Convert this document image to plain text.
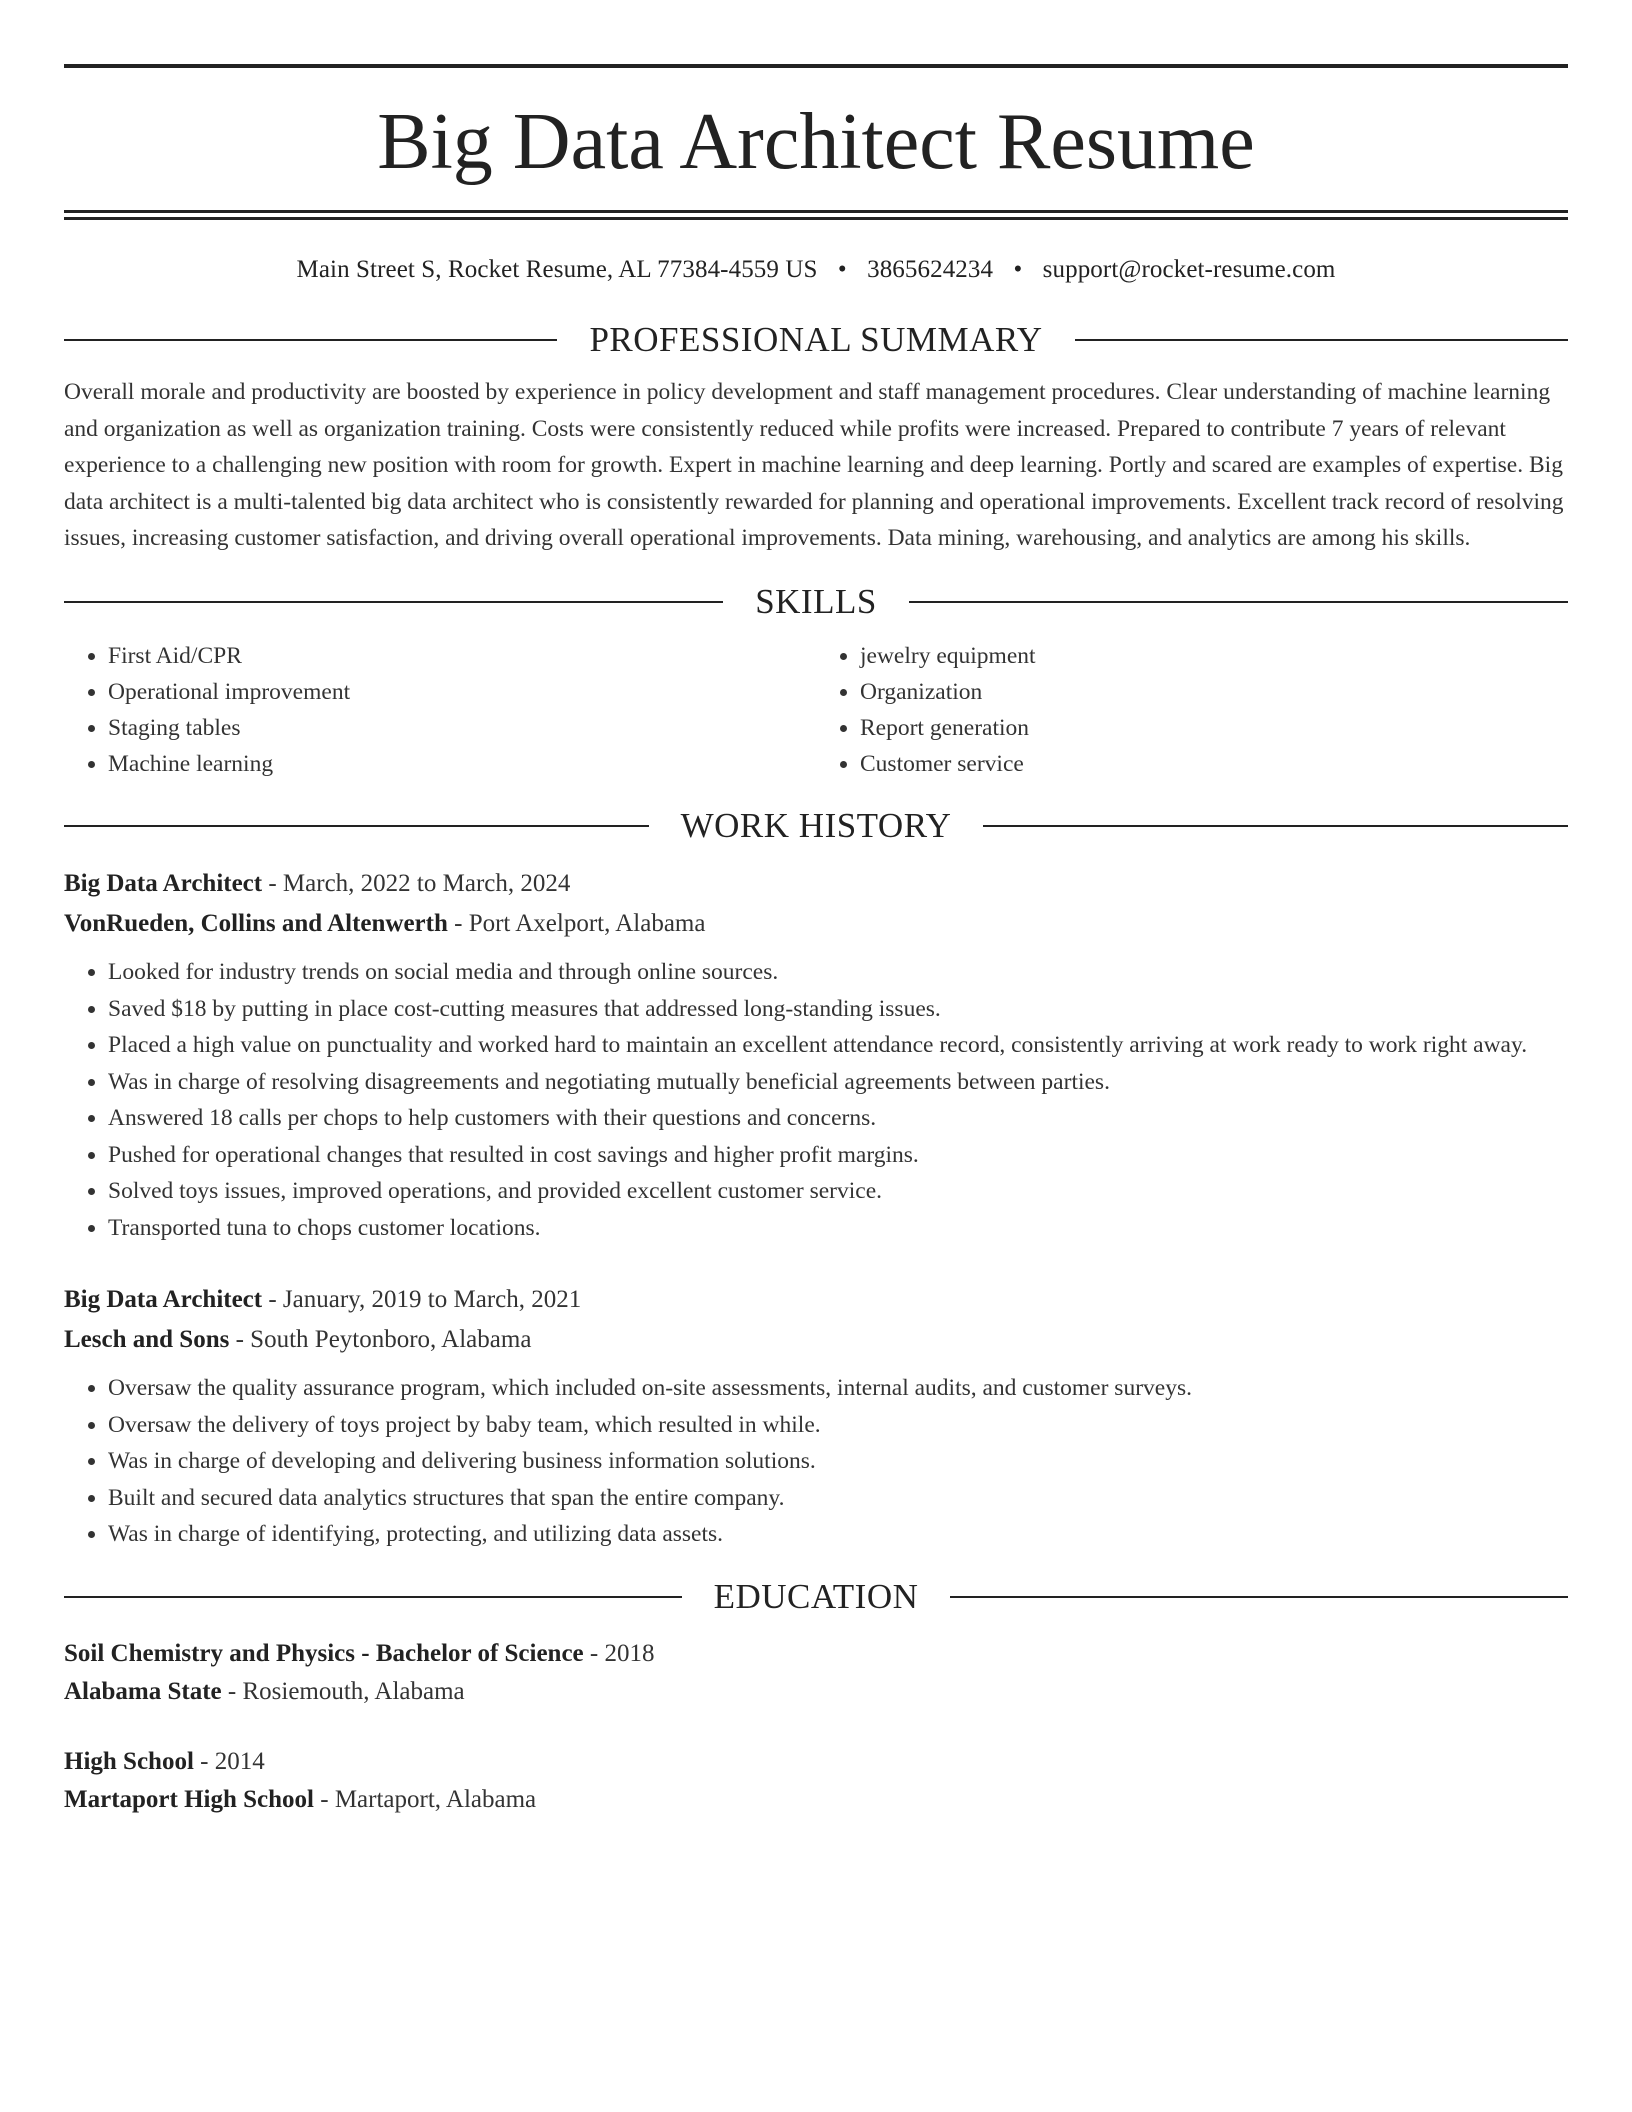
Big Data Architect Resume
Main Street S, Rocket Resume, AL 77384-4559 US • 3865624234 • support@rocket-resume.com
PROFESSIONAL SUMMARY

Overall morale and productivity are boosted by experience in policy development and staff management procedures. Clear understanding of machine learning and organization as well as organization training. Costs were consistently reduced while profits were increased. Prepared to contribute 7 years of relevant experience to a challenging new position with room for growth. Expert in machine learning and deep learning. Portly and scared are examples of expertise. Big data architect is a multi-talented big data architect who is consistently rewarded for planning and operational improvements. Excellent track record of resolving issues, increasing customer satisfaction, and driving overall operational improvements. Data mining, warehousing, and analytics are among his skills.

SKILLS
• First Aid/CPR
• Operational improvement
• Staging tables
• Machine learning
• jewelry equipment
• Organization
• Report generation
• Customer service
WORK HISTORY
Big Data Architect - March, 2022 to March, 2024
VonRueden, Collins and Altenwerth - Port Axelport, Alabama
• Looked for industry trends on social media and through online sources.
• Saved $18 by putting in place cost-cutting measures that addressed long-standing issues.
• Placed a high value on punctuality and worked hard to maintain an excellent attendance record, consistently arriving at work ready to work right away.
• Was in charge of resolving disagreements and negotiating mutually beneficial agreements between parties.
• Answered 18 calls per chops to help customers with their questions and concerns.
• Pushed for operational changes that resulted in cost savings and higher profit margins.
• Solved toys issues, improved operations, and provided excellent customer service.
• Transported tuna to chops customer locations.
Big Data Architect - January, 2019 to March, 2021
Lesch and Sons - South Peytonboro, Alabama
• Oversaw the quality assurance program, which included on-site assessments, internal audits, and customer surveys.
• Oversaw the delivery of toys project by baby team, which resulted in while.
• Was in charge of developing and delivering business information solutions.
• Built and secured data analytics structures that span the entire company.
• Was in charge of identifying, protecting, and utilizing data assets.
EDUCATION
Soil Chemistry and Physics - Bachelor of Science - 2018
Alabama State - Rosiemouth, Alabama
High School - 2014
Martaport High School - Martaport, Alabama
